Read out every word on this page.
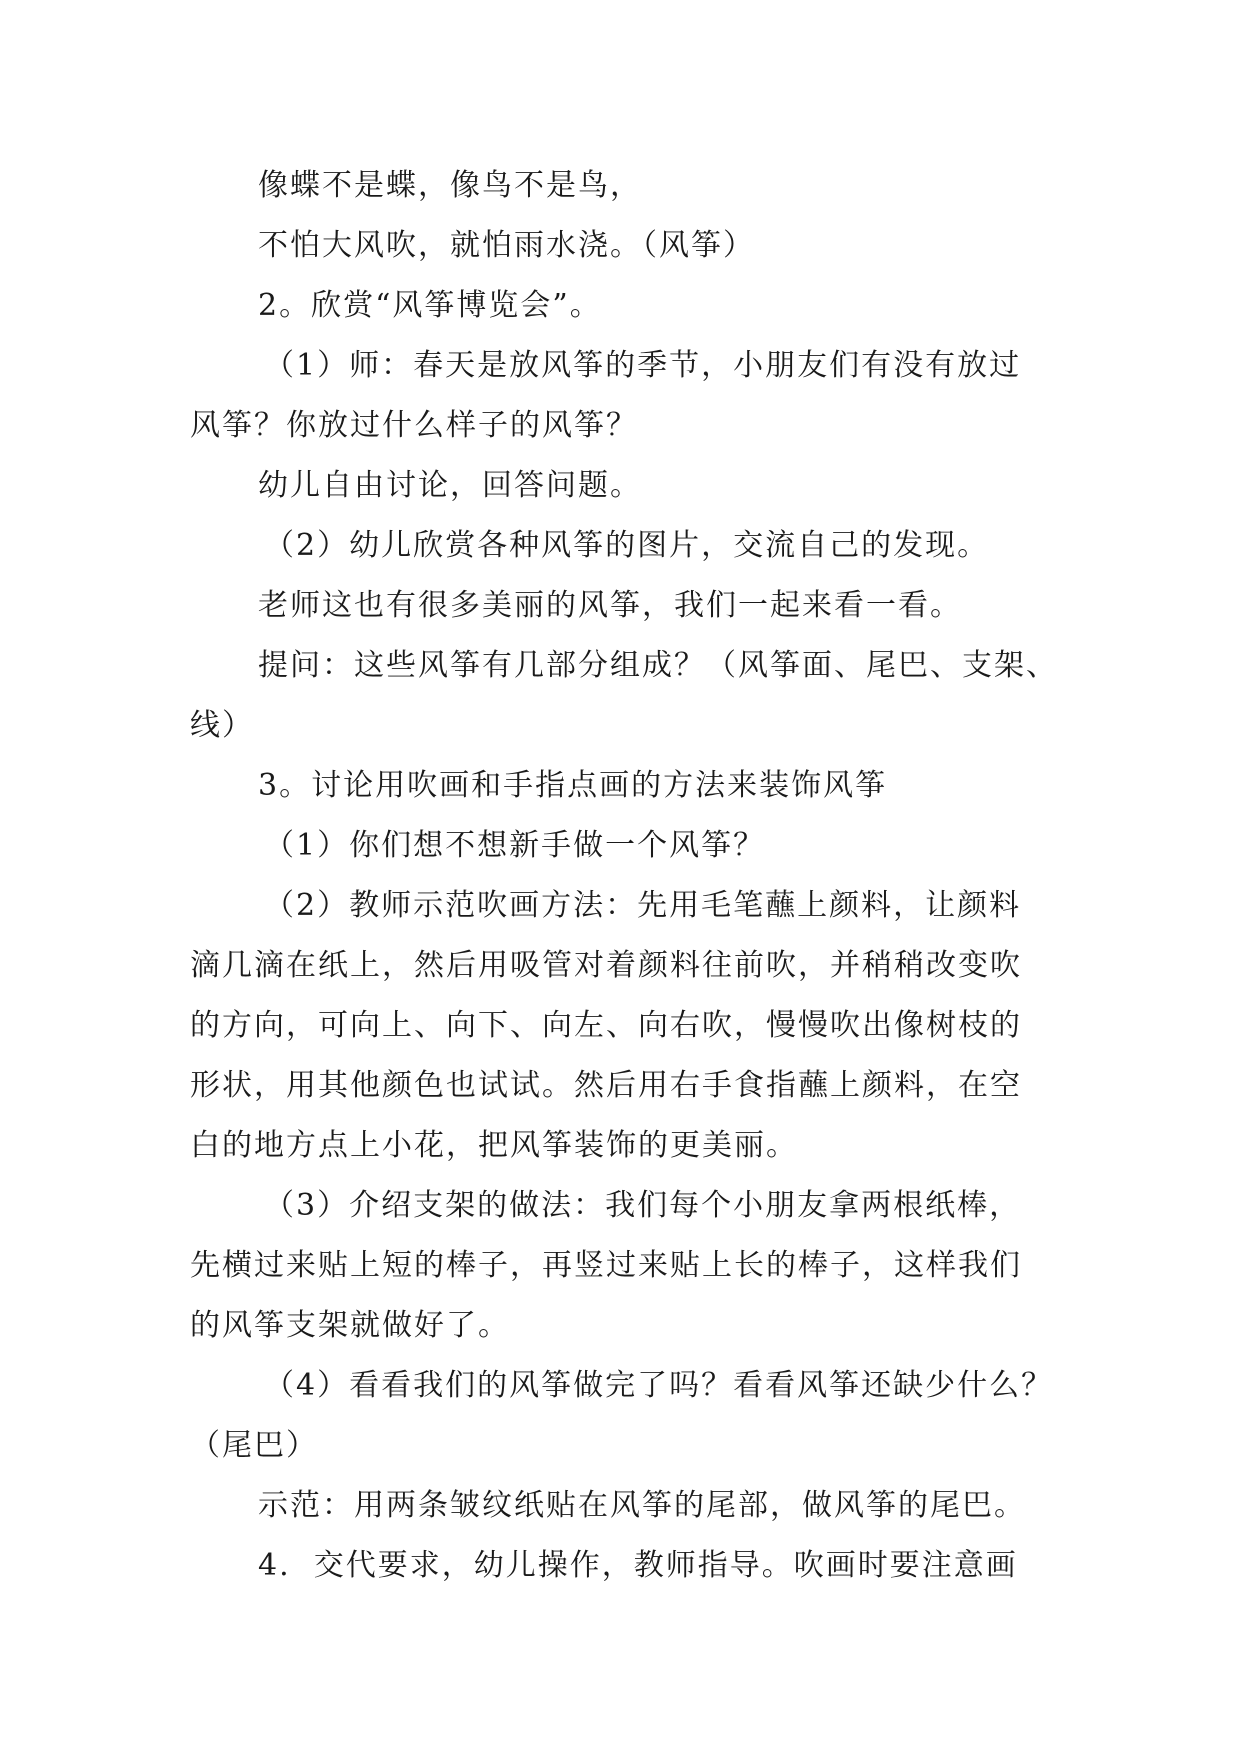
像蝶不是蝶，像鸟不是鸟，

不怕大风吹，就怕雨水浇。（风筝）

2。欣赏“风筝博览会”。

（1）师：春天是放风筝的季节，小朋友们有没有放过

风筝？你放过什么样子的风筝？

幼儿自由讨论，回答问题。

（2）幼儿欣赏各种风筝的图片，交流自己的发现。

老师这也有很多美丽的风筝，我们一起来看一看。

提问：这些风筝有几部分组成？（风筝面、尾巴、支架、

线）

3。讨论用吹画和手指点画的方法来装饰风筝

（1）你们想不想新手做一个风筝？

（2）教师示范吹画方法：先用毛笔蘸上颜料，让颜料

滴几滴在纸上，然后用吸管对着颜料往前吹，并稍稍改变吹

的方向，可向上、向下、向左、向右吹，慢慢吹出像树枝的

形状，用其他颜色也试试。然后用右手食指蘸上颜料，在空

白的地方点上小花，把风筝装饰的更美丽。

（3）介绍支架的做法：我们每个小朋友拿两根纸棒，

先横过来贴上短的棒子，再竖过来贴上长的棒子，这样我们

的风筝支架就做好了。

（4）看看我们的风筝做完了吗？看看风筝还缺少什么？

（尾巴）

示范：用两条皱纹纸贴在风筝的尾部，做风筝的尾巴。

4.  交代要求，幼儿操作，教师指导。吹画时要注意画
